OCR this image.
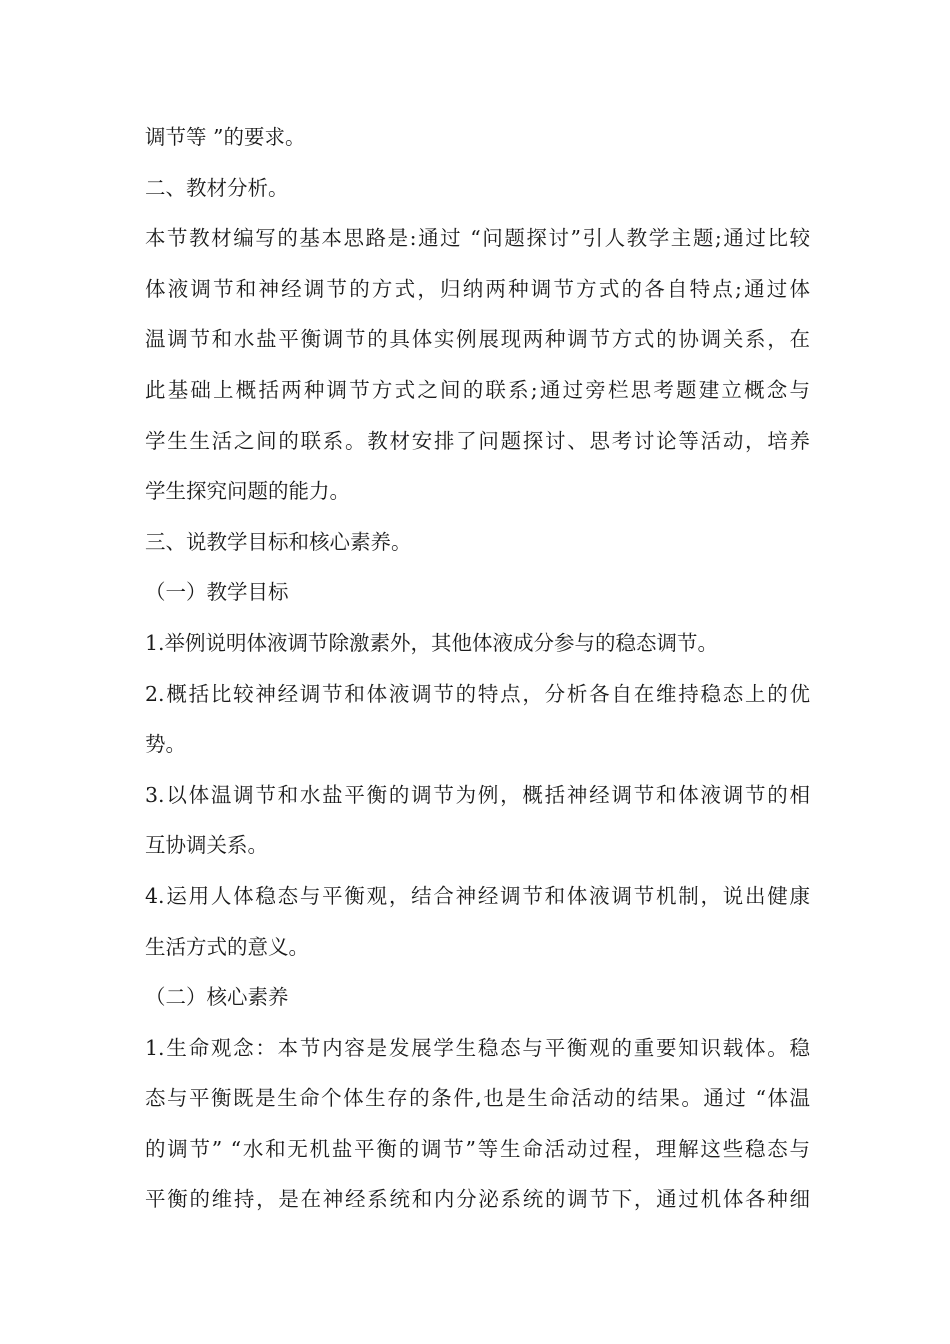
调节等 ”的要求。
二、教材分析。
本节教材编写的基本思路是:通过 “问题探讨”引人教学主题;通过比较
体液调节和神经调节的方式，归纳两种调节方式的各自特点;通过体
温调节和水盐平衡调节的具体实例展现两种调节方式的协调关系，在
此基础上概括两种调节方式之间的联系;通过旁栏思考题建立概念与
学生生活之间的联系。教材安排了问题探讨、思考讨论等活动，培养
学生探究问题的能力。
三、说教学目标和核心素养。
（一）教学目标
1.举例说明体液调节除激素外，其他体液成分参与的稳态调节。
2.概括比较神经调节和体液调节的特点，分析各自在维持稳态上的优
势。
3.以体温调节和水盐平衡的调节为例，概括神经调节和体液调节的相
互协调关系。
4.运用人体稳态与平衡观，结合神经调节和体液调节机制，说出健康
生活方式的意义。
（二）核心素养
1.生命观念：本节内容是发展学生稳态与平衡观的重要知识载体。稳
态与平衡既是生命个体生存的条件,也是生命活动的结果。通过 “体温
的调节” “水和无机盐平衡的调节”等生命活动过程，理解这些稳态与
平衡的维持，是在神经系统和内分泌系统的调节下，通过机体各种细
